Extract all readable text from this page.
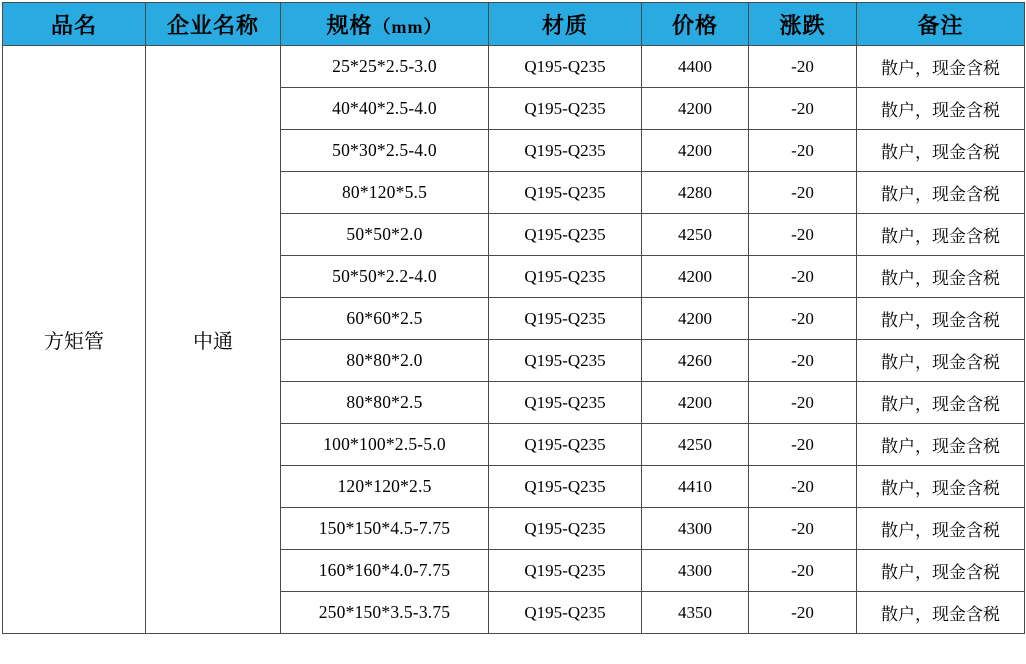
品名	企业名称	规格（mm）	材质	价格	涨跌	备注
方矩管	中通	25*25*2.5-3.0	Q195-Q235	4400	-20	散户，现金含税
		40*40*2.5-4.0	Q195-Q235	4200	-20	散户，现金含税
		50*30*2.5-4.0	Q195-Q235	4200	-20	散户，现金含税
		80*120*5.5	Q195-Q235	4280	-20	散户，现金含税
		50*50*2.0	Q195-Q235	4250	-20	散户，现金含税
		50*50*2.2-4.0	Q195-Q235	4200	-20	散户，现金含税
		60*60*2.5	Q195-Q235	4200	-20	散户，现金含税
		80*80*2.0	Q195-Q235	4260	-20	散户，现金含税
		80*80*2.5	Q195-Q235	4200	-20	散户，现金含税
		100*100*2.5-5.0	Q195-Q235	4250	-20	散户，现金含税
		120*120*2.5	Q195-Q235	4410	-20	散户，现金含税
		150*150*4.5-7.75	Q195-Q235	4300	-20	散户，现金含税
		160*160*4.0-7.75	Q195-Q235	4300	-20	散户，现金含税
		250*150*3.5-3.75	Q195-Q235	4350	-20	散户，现金含税
